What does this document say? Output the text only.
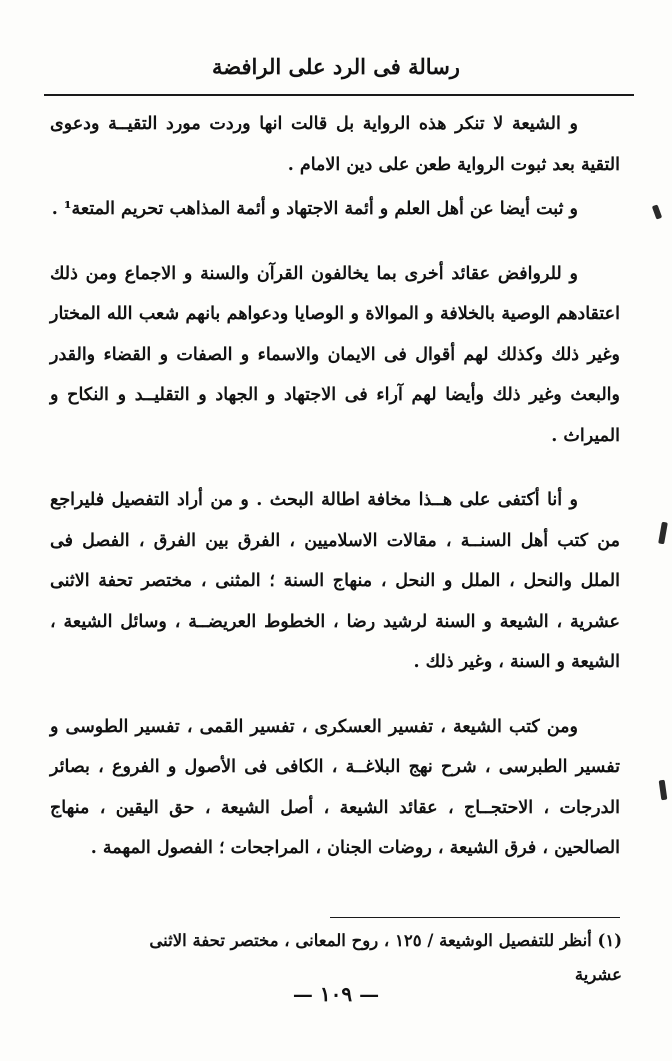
رسالة فى الرد على الرافضة

و الشيعة لا تنكر هذه الرواية بل قالت انها وردت مورد التقيــة ودعوى التقية بعد ثبوت الرواية طعن على دين الامام .

و ثبت أيضا عن أهل العلم و أئمة الاجتهاد و أئمة المذاهب تحريم المتعة¹ .

و للروافض عقائد أخرى بما يخالفون القرآن والسنة و الاجماع ومن ذلك اعتقادهم الوصية بالخلافة و الموالاة و الوصايا ودعواهم بانهم شعب الله المختار وغير ذلك وكذلك لهم أقوال فى الايمان والاسماء و الصفات و القضاء والقدر والبعث وغير ذلك وأيضا لهم آراء فى الاجتهاد و الجهاد و التقليــد و النكاح و الميراث .

و أنا أكتفى على هــذا مخافة اطالة البحث . و من أراد التفصيل فليراجع من كتب أهل السنــة ، مقالات الاسلاميين ، الفرق بين الفرق ، الفصل فى الملل والنحل ، الملل و النحل ، منهاج السنة ؛ المثنى ، مختصر تحفة الاثنى عشرية ، الشيعة و السنة لرشيد رضا ، الخطوط العريضــة ، وسائل الشيعة ، الشيعة و السنة ، وغير ذلك .

ومن كتب الشيعة ، تفسير العسكرى ، تفسير القمى ، تفسير الطوسى و تفسير الطبرسى ، شرح نهج البلاغــة ، الكافى فى الأصول و الفروع ، بصائر الدرجات ، الاحتجــاج ، عقائد الشيعة ، أصل الشيعة ، حق اليقين ، منهاج الصالحين ، فرق الشيعة ، روضات الجنان ، المراجحات ؛ الفصول المهمة .

(١) أنظر للتفصيل الوشيعة / ١٢٥ ، روح المعانى ، مختصر تحفة الاثنى عشرية
— ١٠٩ —
